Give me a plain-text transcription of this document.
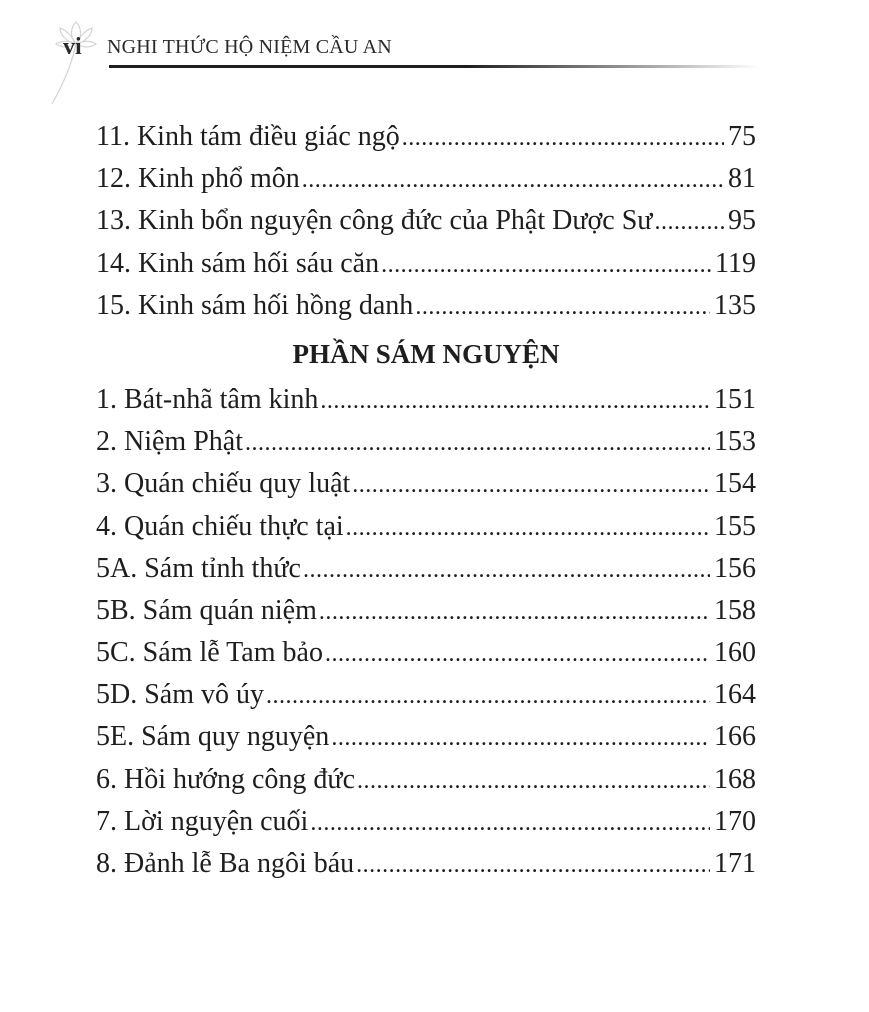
vi NGHI THỨC HỘ NIỆM CẦU AN
11. Kinh tám điều giác ngộ .....	75
12. Kinh phổ môn .....	81
13. Kinh bổn nguyện công đức của Phật Dược Sư .....	95
14. Kinh sám hối sáu căn .....	119
15. Kinh sám hối hồng danh .....	135
PHẦN SÁM NGUYỆN
1. Bát-nhã tâm kinh .....	151
2. Niệm Phật .....	153
3. Quán chiếu quy luật .....	154
4. Quán chiếu thực tại .....	155
5A. Sám tỉnh thức .....	156
5B. Sám quán niệm .....	158
5C. Sám lễ Tam bảo .....	160
5D. Sám vô úy .....	164
5E. Sám quy nguyện .....	166
6. Hồi hướng công đức .....	168
7. Lời nguyện cuối .....	170
8. Đảnh lễ Ba ngôi báu .....	171
